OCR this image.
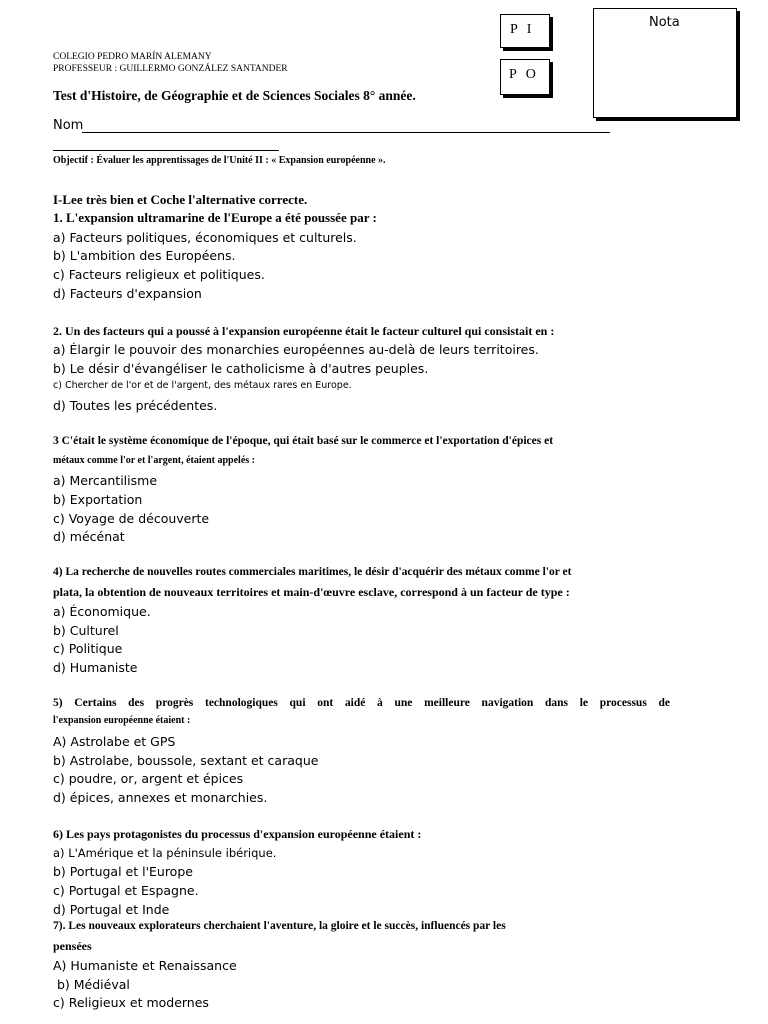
P I
P O
Nota
COLEGIO PEDRO MARÍN ALEMANY
PROFESSEUR : GUILLERMO GONZÁLEZ SANTANDER
Test d'Histoire, de Géographie et de Sciences Sociales 8° année.
Nom
Objectif : Évaluer les apprentissages de l'Unité II : « Expansion européenne ».
I-Lee très bien et Coche l'alternative correcte.
1. L'expansion ultramarine de l'Europe a été poussée par :
a) Facteurs politiques, économiques et culturels.
b) L'ambition des Européens.
c) Facteurs religieux et politiques.
d) Facteurs d'expansion
2. Un des facteurs qui a poussé à l'expansion européenne était le facteur culturel qui consistait en :
a) Élargir le pouvoir des monarchies européennes au-delà de leurs territoires.
b) Le désir d'évangéliser le catholicisme à d'autres peuples.
c) Chercher de l'or et de l'argent, des métaux rares en Europe.
d) Toutes les précédentes.
3 C'était le système économique de l'époque, qui était basé sur le commerce et l'exportation d'épices et
métaux comme l'or et l'argent, étaient appelés :
a) Mercantilisme
b) Exportation
c) Voyage de découverte
d) mécénat
4) La recherche de nouvelles routes commerciales maritimes, le désir d'acquérir des métaux comme l'or et
plata, la obtention de nouveaux territoires et main-d'œuvre esclave, correspond à un facteur de type :
a) Économique.
b) Culturel
c) Politique
d) Humaniste
5) Certains des progrès technologiques qui ont aidé à une meilleure navigation dans le processus de
l'expansion européenne étaient :
A) Astrolabe et GPS
b) Astrolabe, boussole, sextant et caraque
c) poudre, or, argent et épices
d) épices, annexes et monarchies.
6) Les pays protagonistes du processus d'expansion européenne étaient :
a) L'Amérique et la péninsule ibérique.
b) Portugal et l'Europe
c) Portugal et Espagne.
d) Portugal et Inde
7). Les nouveaux explorateurs cherchaient l'aventure, la gloire et le succès, influencés par les
pensées
A) Humaniste et Renaissance
b) Médiéval
c) Religieux et modernes
